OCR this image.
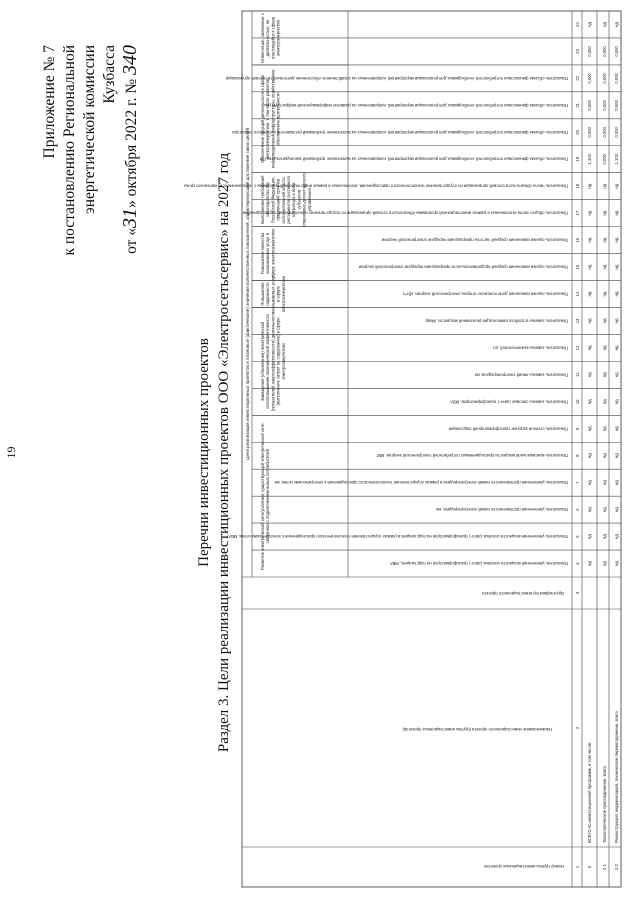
19
Приложение № 7 к постановлению Региональной энергетической комиссии Кузбасса
от «31» октября 2022 г. № 340
Перечни инвестиционных проектов Раздел 3. Цели реализации инвестиционных проектов ООО «Электросетьсервис» на 2027 год	Цели реализации инвестиционных проектов и плановые (фактические) значения количественных показателей, характеризующие достижение таких целей
Развитие электрической сети/усиление существующей электрической сети, связанное с подключением новых потребителей
Замещение (обновление) электрической сети/повышение экономической эффективности (показателей энергоэффективности) деятельности (выполнение затрат на содержание) в сфере электроэнергетики
Повышение надежности оказываемых услуг в сфере электроэнергетики
Повышение качества оказываемых услуг в сфере электроэнергетики
Выполнение требований законодательства Российской Федерации, предписаний органов исполнительной власти, регламентов системного оператора и иных субъектов оперативно-диспетчерского управления
Обеспечение текущей деятельности в сфере электроэнергетики, в том числе развитие информационной инфраструктуры, хозяйственное обеспечение деятельности
Инвестиции, связанные с деятельностью, не относящейся к сфере электроэнергетики
Номер группы инвестиционных проектов
Наименование инвестиционного проекта (группы инвестиционных проектов)
Идентификатор инвестиционного проекта
Показатель увеличения мощности силовых (авто-) трансформаторов на подстанциях, МВА
Показатель увеличения мощности силовых (авто-) трансформаторов на подстанциях в рамках осуществления технологического присоединения к электрическим сетям, МВА
Показатель увеличения протяженности линий электропередачи, км
Показатель увеличения протяженности линий электропередачи в рамках осуществления технологического присоединения к электрическим сетям, км
Показатель максимальной мощности присоединяемых потребителей электрической энергии, МВт
Показатель степени загрузки трансформаторной подстанции
Показатель замены силовых (авто-) трансформаторов, МВА
Показатель замены линий электропередачи, км
Показатель замены выключателей, шт.
Показатель замены устройств компенсации реактивной мощности, Мвар
Показатель оценки изменения доли полезного отпуска электрической энергии, кВт*ч
Показатель оценки изменения средней продолжительности прекращения передачи электрической энергии
Показатель оценки изменения средней частоты прекращения передачи электрической энергии
Показатель общего числа исполненных в рамках инвестиционной программы обязательств сетевой организации по осуществлению технологического присоединения
Показатель числа обязательств сетевой организации по осуществлению технологического присоединения, исполненных в рамках инвестиционной программы с нарушением установленного срока
Показатель объема финансовых потребностей, необходимых для реализации мероприятий, направленных на выполнение требований законодательства РФ
Показатель объема финансовых потребностей, необходимых для реализации мероприятий, направленных на выполнение требований регламентов системного оператора
Показатель объема финансовых потребностей, необходимых для реализации мероприятий, направленных на развитие информационной инфраструктуры
Показатель объема финансовых потребностей, необходимых для реализации мероприятий, направленных на хозяйственное обеспечение деятельности сетевой организации
1
2
3
4
5
6
7
8
9
10
11
12
13
14
15
16
17
18
19
20
21
22
23
24
0
ВСЕГО по инвестиционной программе, в том числе:
нд
нд
нд
нд
нд
нд
нд
нд
нд
нд
нд
нд
нд
нд
нд
1,103
0,000
0,000
0,000
0,000
нд
0.1
Технологическое присоединение, всего
нд
нд
нд
нд
нд
нд
нд
нд
нд
нд
нд
нд
нд
нд
нд
0,000
0,000
0,000
0,000
0,000
нд
0.2
Реконструкция, модернизация, техническое перевооружение, всего
нд
нд
нд
нд
нд
нд
нд
нд
нд
нд
нд
нд
нд
нд
нд
1,103
0,000
0,000
0,000
0,000
нд
